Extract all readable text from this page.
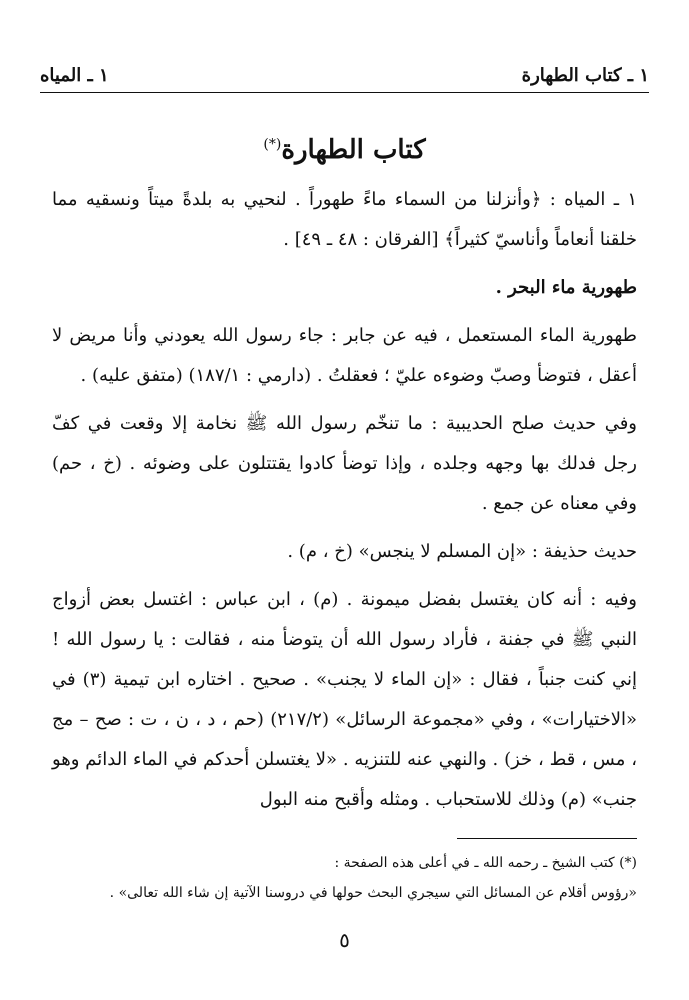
١ ـ كتاب الطهارة
١ ـ المياه
كتاب الطهارة(*)

١ ـ المياه : ﴿وأنزلنا من السماء ماءً طهوراً . لنحيي به بلدةً ميتاً ونسقيه مما خلقنا أنعاماً وأناسيّ كثيراً﴾ [الفرقان : ٤٨ ـ ٤٩] .

طهورية ماء البحر .

طهورية الماء المستعمل ، فيه عن جابر : جاء رسول الله يعودني وأنا مريض لا أعقل ، فتوضأ وصبّ وضوءه عليّ ؛ فعقلتُ . (دارمي : ١٨٧/١) (متفق عليه) .

وفي حديث صلح الحديبية : ما تنخّم رسول الله ﷺ نخامة إلا وقعت في كفّ رجل فدلك بها وجهه وجلده ، وإذا توضأ كادوا يقتتلون على وضوئه . (خ ، حم) وفي معناه عن جمع .

حديث حذيفة : «إن المسلم لا ينجس» (خ ، م) .

وفيه : أنه كان يغتسل بفضل ميمونة . (م) ، ابن عباس : اغتسل بعض أزواج النبي ﷺ في جفنة ، فأراد رسول الله أن يتوضأ منه ، فقالت : يا رسول الله ! إني كنت جنباً ، فقال : «إن الماء لا يجنب» . صحيح . اختاره ابن تيمية (٣) في «الاختيارات» ، وفي «مجموعة الرسائل» (٢١٧/٢) (حم ، د ، ن ، ت : صح – مج ، مس ، قط ، خز) . والنهي عنه للتنزيه . «لا يغتسلن أحدكم في الماء الدائم وهو جنب» (م) وذلك للاستحباب . ومثله وأقبح منه البول

(*) كتب الشيخ ـ رحمه الله ـ في أعلى هذه الصفحة :

«رؤوس أقلام عن المسائل التي سيجري البحث حولها في دروسنا الآتية إن شاء الله تعالى» .

٥
